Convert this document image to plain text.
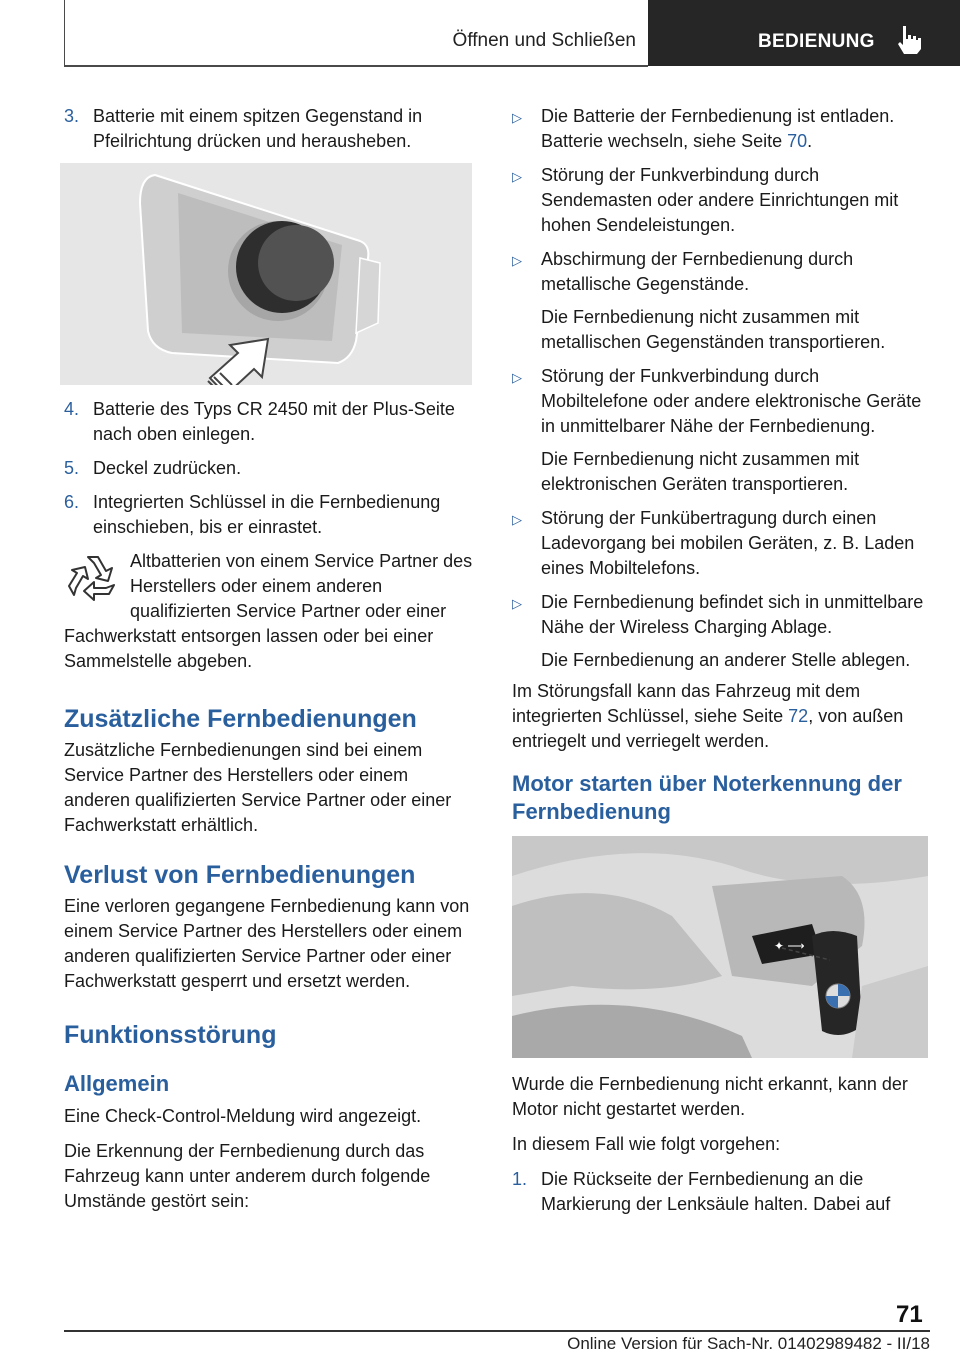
Öffnen und Schließen	BEDIENUNG
3. Batterie mit einem spitzen Gegenstand in Pfeilrichtung drücken und herausheben.
4. Batterie des Typs CR 2450 mit der Plus-Seite nach oben einlegen.
5. Deckel zudrücken.
6. Integrierten Schlüssel in die Fernbedienung einschieben, bis er einrastet.

Altbatterien von einem Service Partner des Herstellers oder einem anderen qualifizierten Service Partner oder einer Fachwerkstatt entsorgen lassen oder bei einer Sammelstelle abgeben.

Zusätzliche Fernbedienungen

Zusätzliche Fernbedienungen sind bei einem Service Partner des Herstellers oder einem anderen qualifizierten Service Partner oder einer Fachwerkstatt erhältlich.

Verlust von Fernbedienungen

Eine verloren gegangene Fernbedienung kann von einem Service Partner des Herstellers oder einem anderen qualifizierten Service Partner oder einer Fachwerkstatt gesperrt und ersetzt werden.

Funktionsstörung
Allgemein

Eine Check-Control-Meldung wird angezeigt.

Die Erkennung der Fernbedienung durch das Fahrzeug kann unter anderem durch folgende Umstände gestört sein:

▷	Die Batterie der Fernbedienung ist entladen. Batterie wechseln, siehe Seite 70.
▷	Störung der Funkverbindung durch Sendemasten oder andere Einrichtungen mit hohen Sendeleistungen.
▷	Abschirmung der Fernbedienung durch metallische Gegenstände.

Die Fernbedienung nicht zusammen mit metallischen Gegenständen transportieren.

▷	Störung der Funkverbindung durch Mobiltelefone oder andere elektronische Geräte in unmittelbarer Nähe der Fernbedienung.

Die Fernbedienung nicht zusammen mit elektronischen Geräten transportieren.

▷	Störung der Funkübertragung durch einen Ladevorgang bei mobilen Geräten, z. B. Laden eines Mobiltelefons.
▷	Die Fernbedienung befindet sich in unmittelbare Nähe der Wireless Charging Ablage.

Die Fernbedienung an anderer Stelle ablegen.

Im Störungsfall kann das Fahrzeug mit dem integrierten Schlüssel, siehe Seite 72, von außen entriegelt und verriegelt werden.

Motor starten über Noterkennung der Fernbedienung
✦ ⟶

Wurde die Fernbedienung nicht erkannt, kann der Motor nicht gestartet werden.

In diesem Fall wie folgt vorgehen:

1. Die Rückseite der Fernbedienung an die Markierung der Lenksäule halten. Dabei auf
71
Online Version für Sach-Nr. 01402989482 - II/18
